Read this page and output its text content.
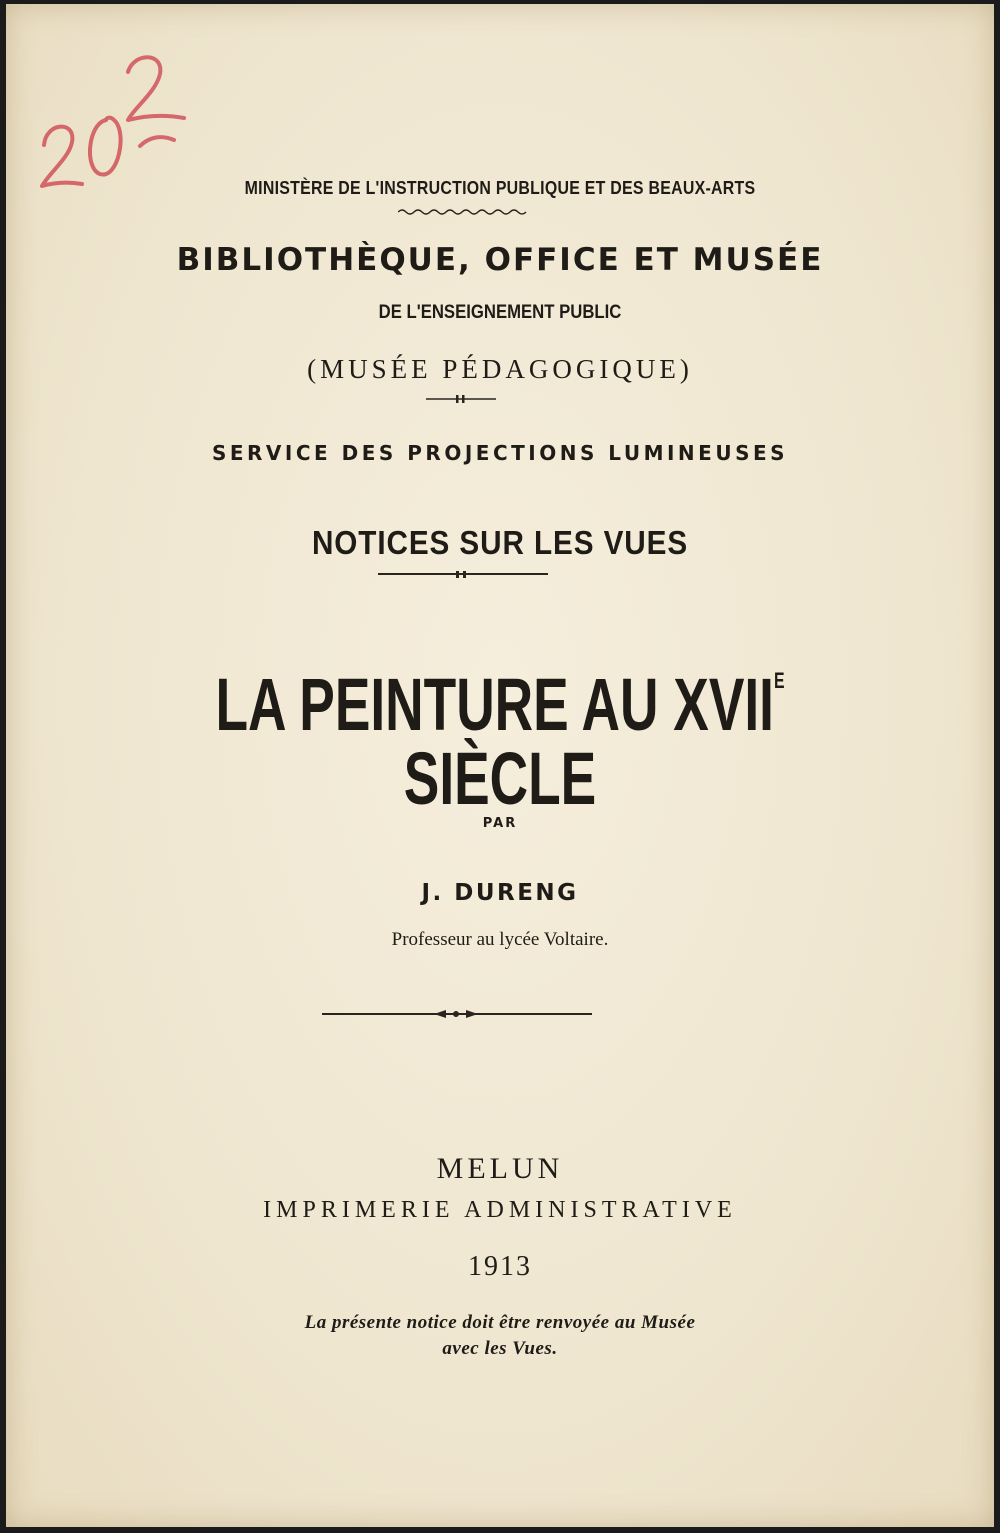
MINISTÈRE DE L'INSTRUCTION PUBLIQUE ET DES BEAUX-ARTS
BIBLIOTHÈQUE, OFFICE ET MUSÉE
DE L'ENSEIGNEMENT PUBLIC
(MUSÉE PÉDAGOGIQUE)
SERVICE DES PROJECTIONS LUMINEUSES
NOTICES SUR LES VUES
LA PEINTURE AU $XVII^E$ SIÈCLE
PAR
J. DURENG
Professeur au lycée Voltaire.
MELUN
IMPRIMERIE ADMINISTRATIVE
1913
La présente notice doit être renvoyée au Musée
avec les Vues.
